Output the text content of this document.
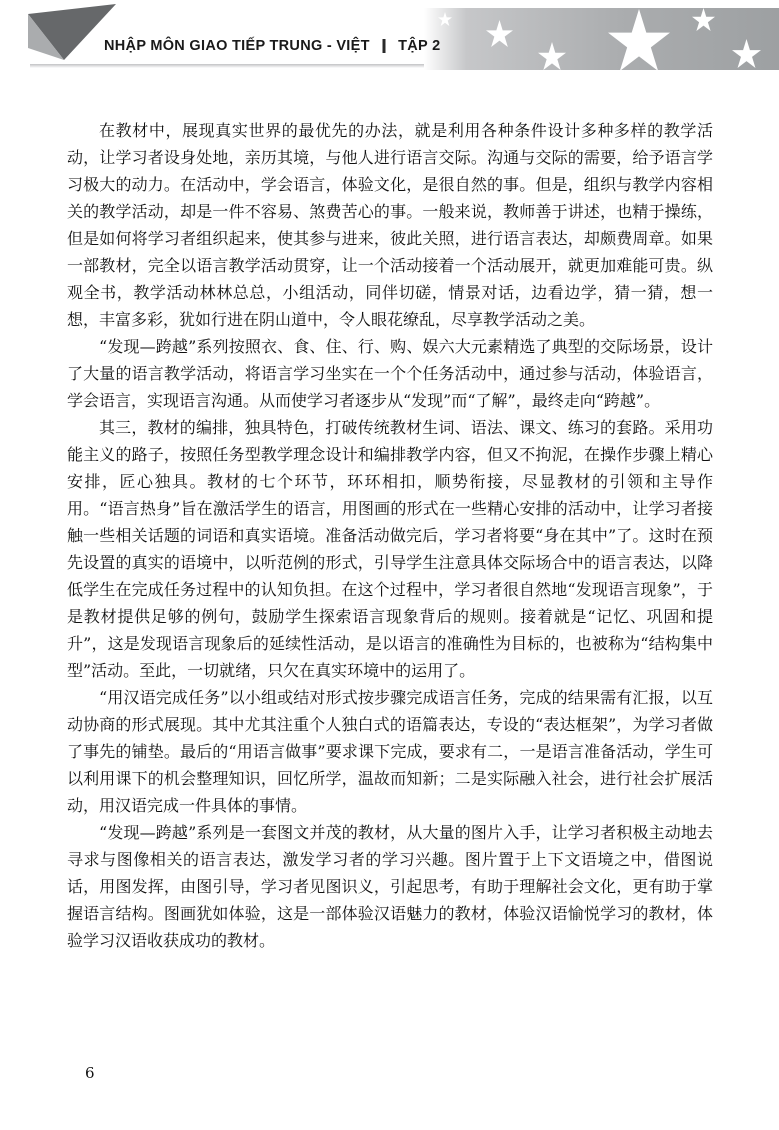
NHẬP MÔN GIAO TIẾP TRUNG - VIỆT | TẬP 2

在教材中，展现真实世界的最优先的办法，就是利用各种条件设计多种多样的教学活动，让学习者设身处地，亲历其境，与他人进行语言交际。沟通与交际的需要，给予语言学习极大的动力。在活动中，学会语言，体验文化，是很自然的事。但是，组织与教学内容相关的教学活动，却是一件不容易、煞费苦心的事。一般来说，教师善于讲述，也精于操练，但是如何将学习者组织起来，使其参与进来，彼此关照，进行语言表达，却颇费周章。如果一部教材，完全以语言教学活动贯穿，让一个活动接着一个活动展开，就更加难能可贵。纵观全书，教学活动林林总总，小组活动，同伴切磋，情景对话，边看边学，猜一猜，想一想，丰富多彩，犹如行进在阴山道中，令人眼花缭乱，尽享教学活动之美。

“发现—跨越”系列按照衣、食、住、行、购、娱六大元素精选了典型的交际场景，设计了大量的语言教学活动，将语言学习坐实在一个个任务活动中，通过参与活动，体验语言，学会语言，实现语言沟通。从而使学习者逐步从“发现”而“了解”，最终走向“跨越”。

其三，教材的编排，独具特色，打破传统教材生词、语法、课文、练习的套路。采用功能主义的路子，按照任务型教学理念设计和编排教学内容，但又不拘泥，在操作步骤上精心安排，匠心独具。教材的七个环节，环环相扣，顺势衔接，尽显教材的引领和主导作用。“语言热身”旨在激活学生的语言，用图画的形式在一些精心安排的活动中，让学习者接触一些相关话题的词语和真实语境。准备活动做完后，学习者将要“身在其中”了。这时在预先设置的真实的语境中，以听范例的形式，引导学生注意具体交际场合中的语言表达，以降低学生在完成任务过程中的认知负担。在这个过程中，学习者很自然地“发现语言现象”，于是教材提供足够的例句，鼓励学生探索语言现象背后的规则。接着就是“记忆、巩固和提升”，这是发现语言现象后的延续性活动，是以语言的准确性为目标的，也被称为“结构集中型”活动。至此，一切就绪，只欠在真实环境中的运用了。

“用汉语完成任务”以小组或结对形式按步骤完成语言任务，完成的结果需有汇报，以互动协商的形式展现。其中尤其注重个人独白式的语篇表达，专设的“表达框架”，为学习者做了事先的铺垫。最后的“用语言做事”要求课下完成，要求有二，一是语言准备活动，学生可以利用课下的机会整理知识，回忆所学，温故而知新；二是实际融入社会，进行社会扩展活动，用汉语完成一件具体的事情。

“发现—跨越”系列是一套图文并茂的教材，从大量的图片入手，让学习者积极主动地去寻求与图像相关的语言表达，激发学习者的学习兴趣。图片置于上下文语境之中，借图说话，用图发挥，由图引导，学习者见图识义，引起思考，有助于理解社会文化，更有助于掌握语言结构。图画犹如体验，这是一部体验汉语魅力的教材，体验汉语愉悦学习的教材，体验学习汉语收获成功的教材。

6
